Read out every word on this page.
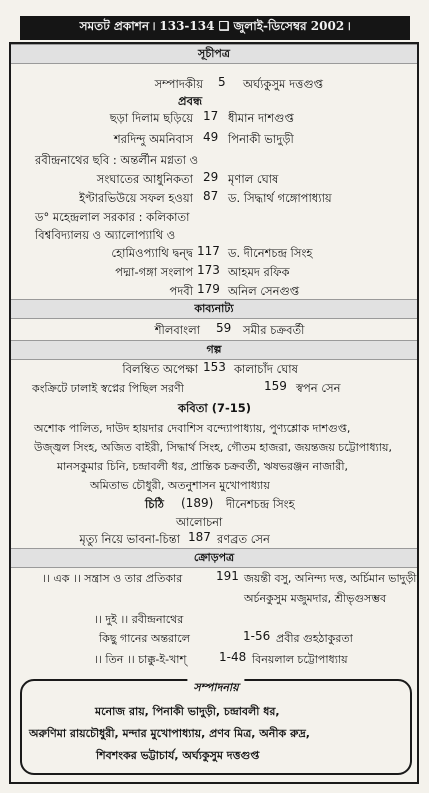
সমতট প্রকাশন ৷ 133-134 ❑ জুলাই-ডিসেম্বর 2002 ৷
সূচীপত্র
সম্পাদকীয় 5 অর্ঘ্যকুসুম দত্তগুপ্ত
প্রবন্ধ
ছড়া দিলাম ছড়িয়ে 17 ধীমান দাশগুপ্ত
শরদিন্দু অমনিবাস 49 পিনাকী ভাদুড়ী
রবীন্দ্রনাথের ছবি : অন্তর্লীন মগ্নতা ও
সংঘাতের আধুনিকতা 29 মৃণাল ঘোষ
ইণ্টারভিউয়ে সফল হওয়া 87 ড. সিদ্ধার্থ গঙ্গোপাধ্যায়
ড° মহেন্দ্রলাল সরকার : কলিকাতা
বিশ্ববিদ্যালয় ও অ্যালোপ্যাথি ও
হোমিওপ্যাথি দ্বন্দ্ব 117 ড. দীনেশচন্দ্র সিংহ
পদ্মা-গঙ্গা সংলাপ 173 আহমদ রফিক
পদবী 179 অনিল সেনগুপ্ত
কাব্যনাট্য
শীলবাংলা 59 সমীর চক্রবর্তী
গল্প
বিলম্বিত অপেক্ষা 153 কালাচাঁদ ঘোষ
কংক্রিটে ঢালাই স্বপ্নের পিছিল সরণী	159 স্বপন সেন
কবিতা (7-15)
অশোক পালিত, দাউদ হায়দার দেবাশিস বন্দ্যোপাধ্যায়, পুণ্যশ্লোক দাশগুপ্ত,
উজ্জ্বল সিংহ, অজিত বাইরী, সিদ্ধার্থ সিংহ, গৌতম হাজরা, জয়ন্তজয় চট্টোপাধ্যায়,
মানসকুমার চিনি, চন্দ্রাবলী ধর, প্রান্তিক চক্রবর্তী, ঋষভরঞ্জন নাজারী,
অমিতাভ চৌধুরী, অতনুশাসন মুখোপাধ্যায়
চিঠি (189) দীনেশচন্দ্র সিংহ
আলোচনা
মৃত্যু নিয়ে ভাবনা-চিন্তা 187 রণব্রত সেন
ক্রোড়পত্র
।। এক ।। সন্ত্রাস ও তার প্রতিকার	191 জয়ন্তী বসু, অনিন্দ্য দত্ত, অর্চিমান ভাদুড়ী,
অর্চনকুসুম মজুমদার, শ্রীভৃগুসম্ভব
।। দুই ।। রবীন্দ্রনাথের
কিছু গানের অন্তরালে	1-56 প্রবীর গুহঠাকুরতা
।। তিন ।। চাক্কু-ই-খাশ্	1-48 বিনয়লাল চট্টোপাধ্যায়
সম্পাদনায়
মনোজ রায়, পিনাকী ভাদুড়ী, চন্দ্রাবলী ধর,
অরুণিমা রায়চৌধুরী, মন্দার মুখোপাধ্যায়, প্রণব মিত্র, অনীক রুদ্র,
শিবশংকর ভট্টাচার্য, অর্ঘ্যকুসুম দত্তগুপ্ত
